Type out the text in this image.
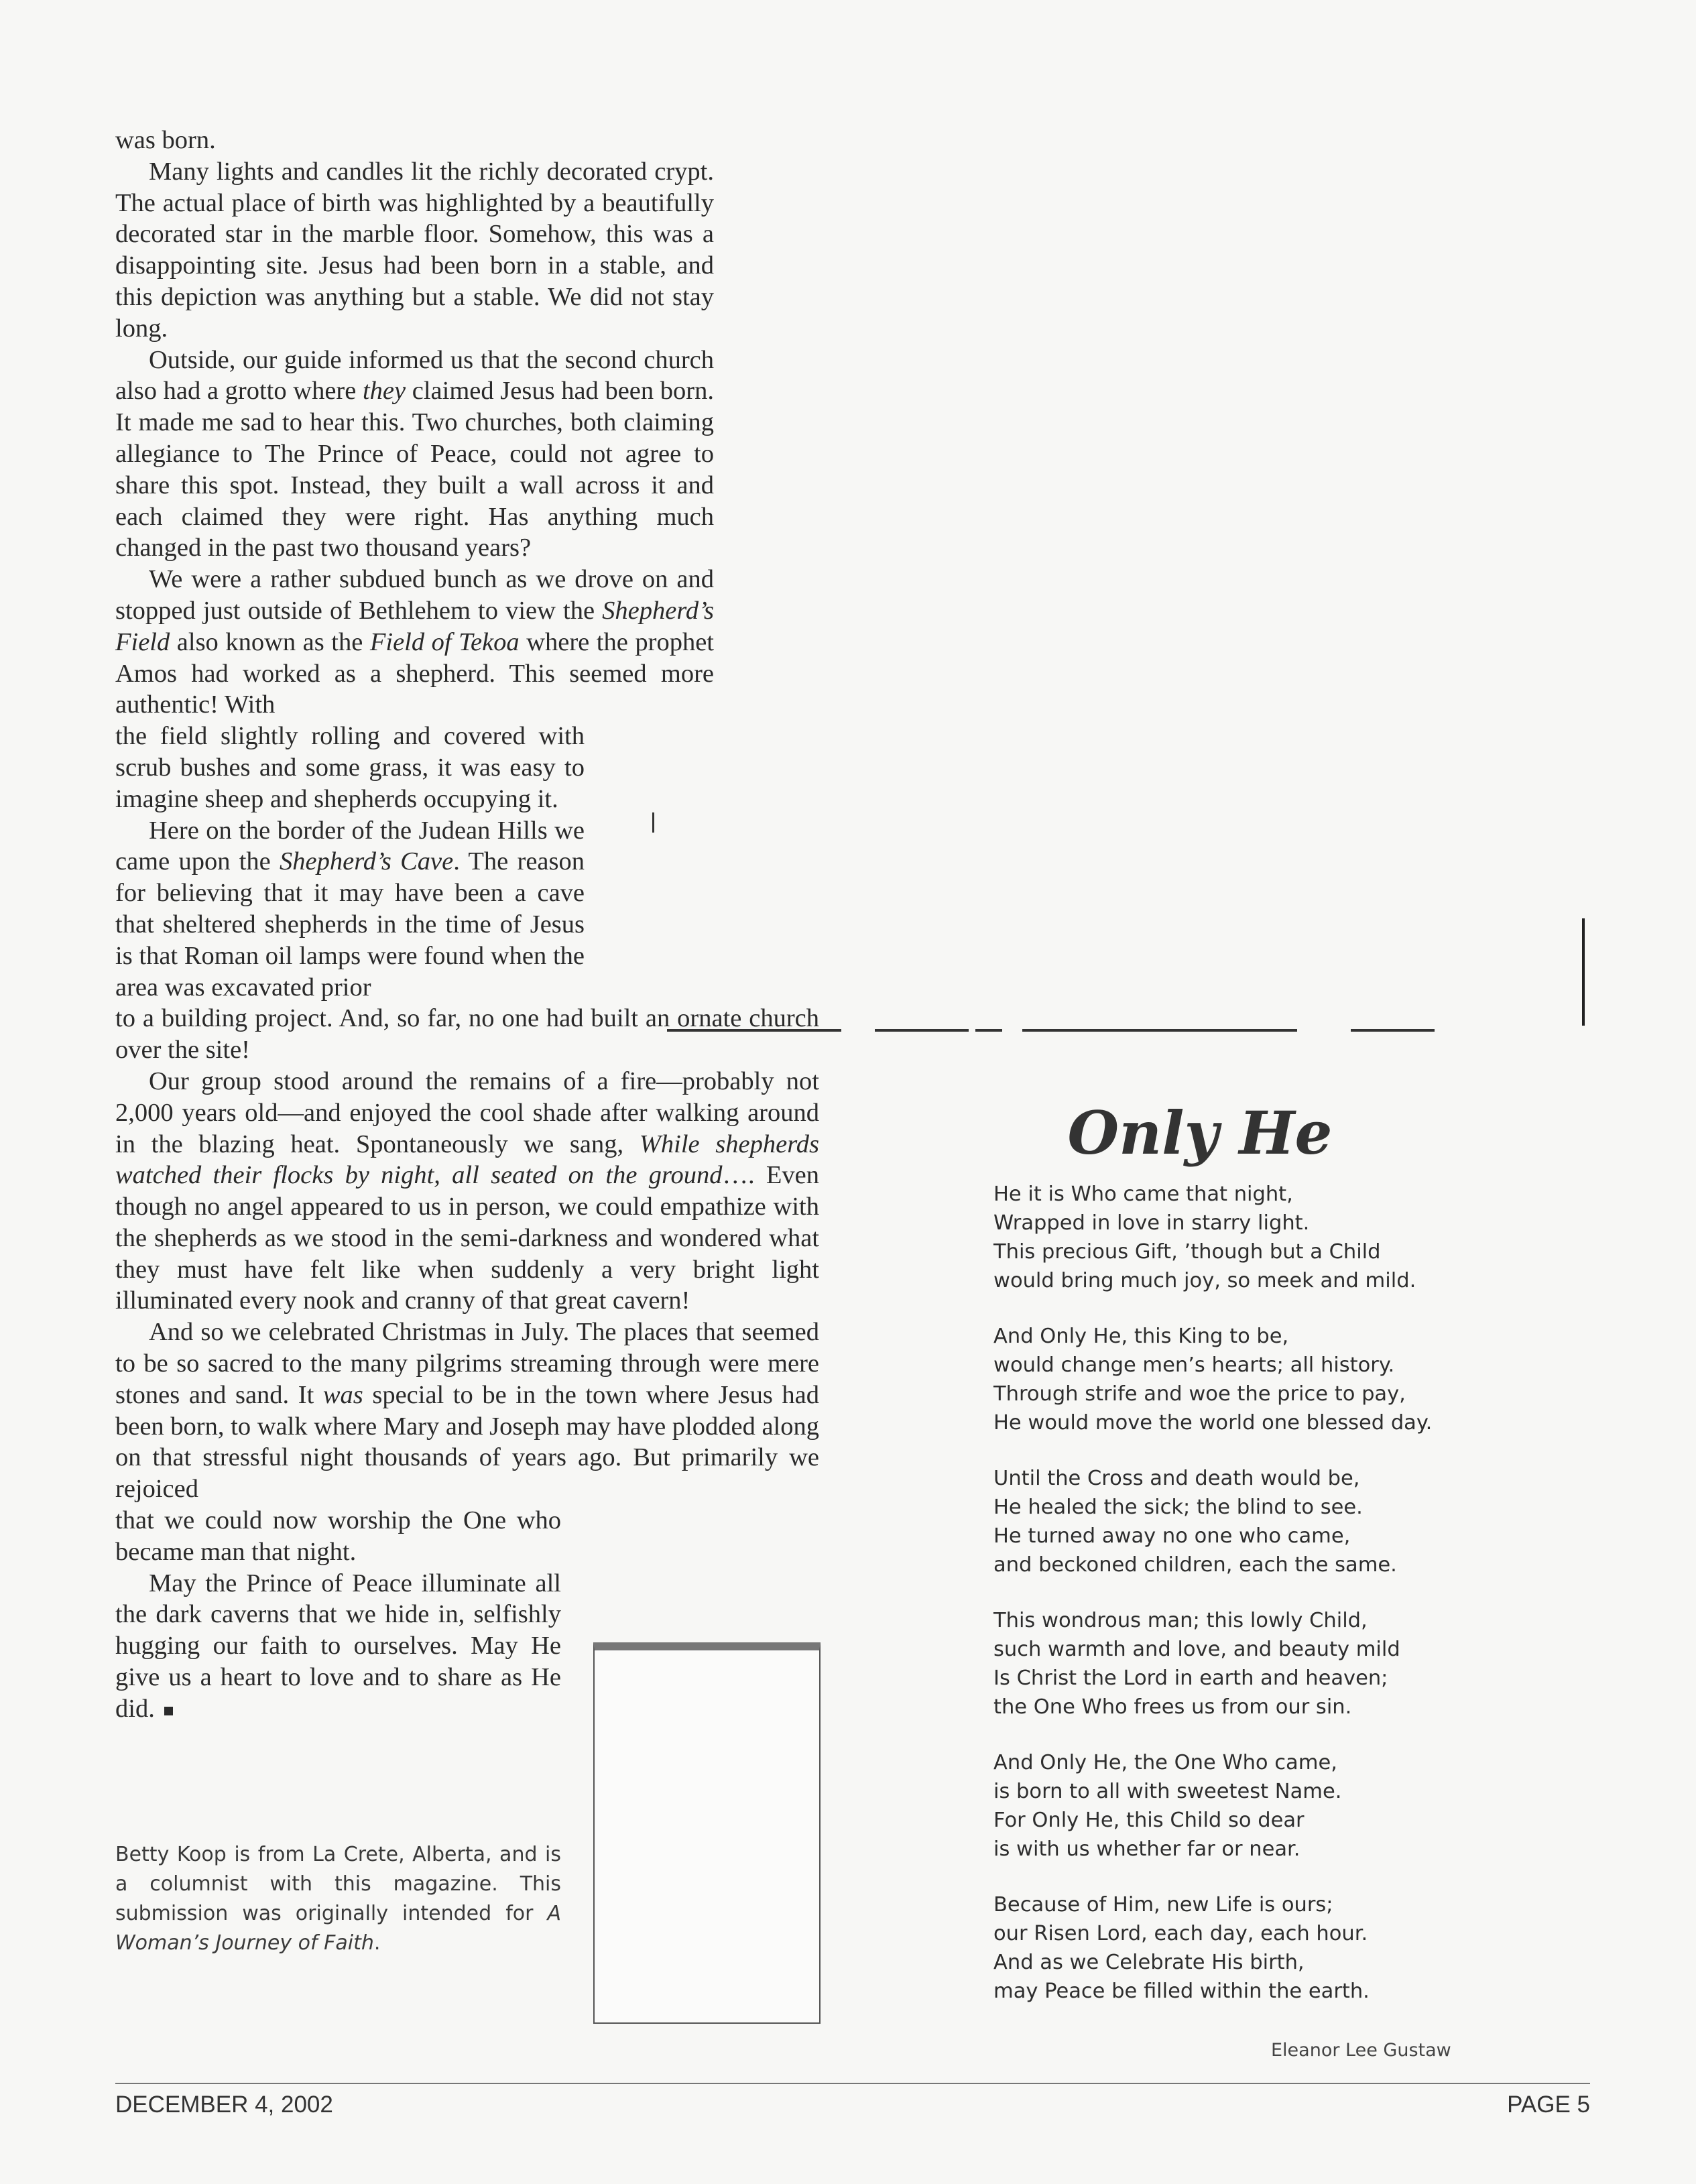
was born.

Many lights and candles lit the richly decorated crypt. The actual place of birth was highlighted by a beautifully decorated star in the marble floor. Somehow, this was a disappointing site. Jesus had been born in a stable, and this depiction was anything but a stable. We did not stay long.

Outside, our guide informed us that the second church also had a grotto where they claimed Jesus had been born. It made me sad to hear this. Two churches, both claiming allegiance to The Prince of Peace, could not agree to share this spot. Instead, they built a wall across it and each claimed they were right. Has anything much changed in the past two thousand years?

We were a rather subdued bunch as we drove on and stopped just outside of Bethlehem to view the Shepherd’s Field also known as the Field of Tekoa where the prophet Amos had worked as a shepherd. This seemed more authentic! With

the field slightly rolling and covered with scrub bushes and some grass, it was easy to imagine sheep and shepherds occupying it.

Here on the border of the Judean Hills we came upon the Shepherd’s Cave. The reason for believing that it may have been a cave that sheltered shepherds in the time of Jesus is that Roman oil lamps were found when the area was excavated prior

to a building project. And, so far, no one had built an ornate church over the site!

Our group stood around the remains of a fire—probably not 2,000 years old—and enjoyed the cool shade after walking around in the blazing heat. Spontaneously we sang, While shepherds watched their flocks by night, all seated on the ground…. Even though no angel appeared to us in person, we could empathize with the shepherds as we stood in the semi-darkness and wondered what they must have felt like when suddenly a very bright light illuminated every nook and cranny of that great cavern!

And so we celebrated Christmas in July. The places that seemed to be so sacred to the many pilgrims streaming through were mere stones and sand. It was special to be in the town where Jesus had been born, to walk where Mary and Joseph may have plodded along on that stressful night thousands of years ago. But primarily we rejoiced

that we could now worship the One who became man that night.

May the Prince of Peace illuminate all the dark caverns that we hide in, selfishly hugging our faith to ourselves. May He give us a heart to love and to share as He did.

Betty Koop is from La Crete, Alberta, and is a columnist with this magazine. This submission was originally intended for A Woman’s Journey of Faith.

Only He
He it is Who came that night,
Wrapped in love in starry light.
This precious Gift, ’though but a Child
would bring much joy, so meek and mild.
And Only He, this King to be,
would change men’s hearts; all history.
Through strife and woe the price to pay,
He would move the world one blessed day.
Until the Cross and death would be,
He healed the sick; the blind to see.
He turned away no one who came,
and beckoned children, each the same.
This wondrous man; this lowly Child,
such warmth and love, and beauty mild
Is Christ the Lord in earth and heaven;
the One Who frees us from our sin.
And Only He, the One Who came,
is born to all with sweetest Name.
For Only He, this Child so dear
is with us whether far or near.
Because of Him, new Life is ours;
our Risen Lord, each day, each hour.
And as we Celebrate His birth,
may Peace be filled within the earth.
Eleanor Lee Gustaw
DECEMBER 4, 2002	PAGE 5
